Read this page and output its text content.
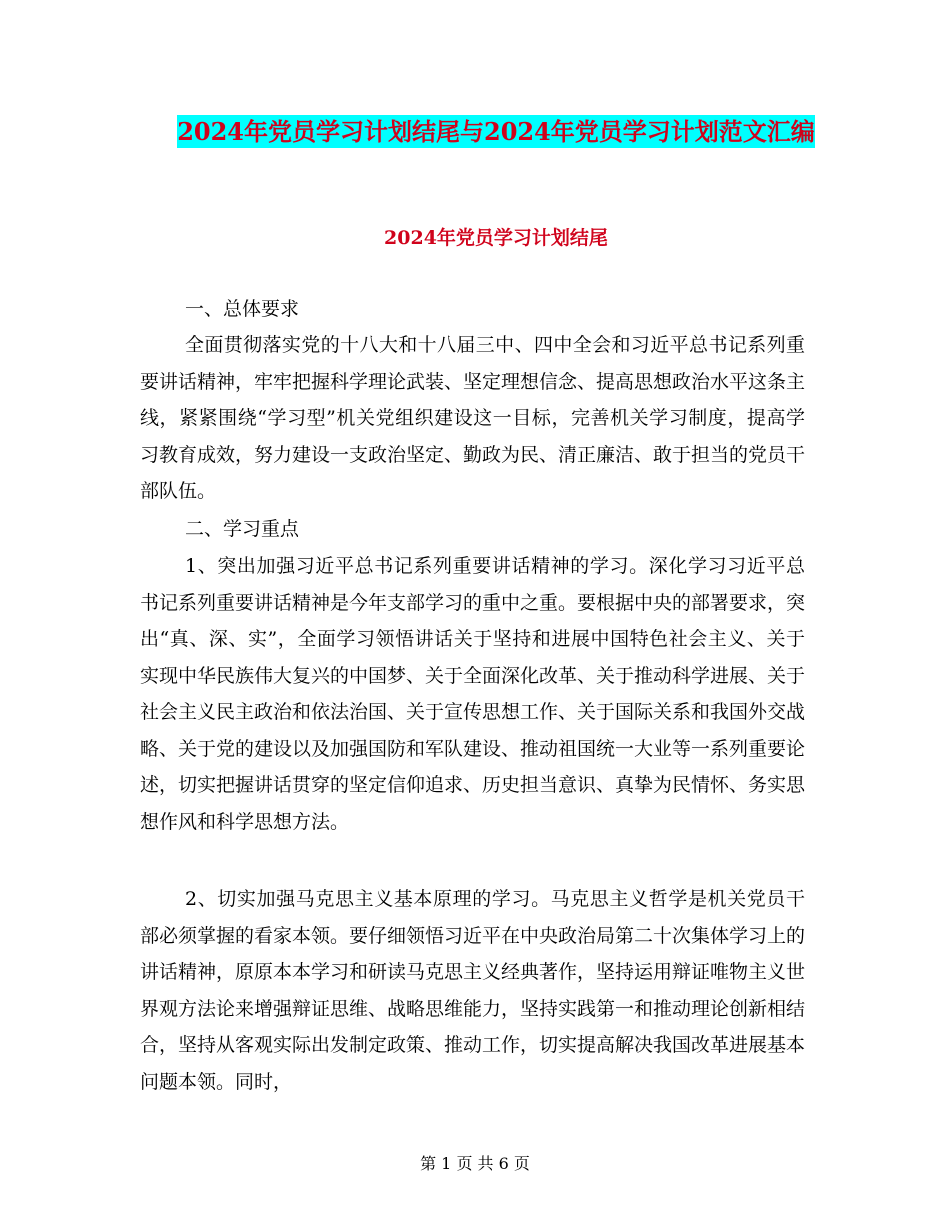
2024年党员学习计划结尾与2024年党员学习计划范文汇编
2024年党员学习计划结尾

一、总体要求

全面贯彻落实党的十八大和十八届三中、四中全会和习近平总书记系列重要讲话精神，牢牢把握科学理论武装、坚定理想信念、提高思想政治水平这条主线，紧紧围绕“学习型”机关党组织建设这一目标，完善机关学习制度，提高学习教育成效，努力建设一支政治坚定、勤政为民、清正廉洁、敢于担当的党员干部队伍。

二、学习重点

1、突出加强习近平总书记系列重要讲话精神的学习。深化学习习近平总书记系列重要讲话精神是今年支部学习的重中之重。要根据中央的部署要求，突出“真、深、实”，全面学习领悟讲话关于坚持和进展中国特色社会主义、关于实现中华民族伟大复兴的中国梦、关于全面深化改革、关于推动科学进展、关于社会主义民主政治和依法治国、关于宣传思想工作、关于国际关系和我国外交战略、关于党的建设以及加强国防和军队建设、推动祖国统一大业等一系列重要论述，切实把握讲话贯穿的坚定信仰追求、历史担当意识、真挚为民情怀、务实思想作风和科学思想方法。

2、切实加强马克思主义基本原理的学习。马克思主义哲学是机关党员干部必须掌握的看家本领。要仔细领悟习近平在中央政治局第二十次集体学习上的讲话精神，原原本本学习和研读马克思主义经典著作，坚持运用辩证唯物主义世界观方法论来增强辩证思维、战略思维能力，坚持实践第一和推动理论创新相结合，坚持从客观实际出发制定政策、推动工作，切实提高解决我国改革进展基本问题本领。同时，

第 1 页 共 6 页
